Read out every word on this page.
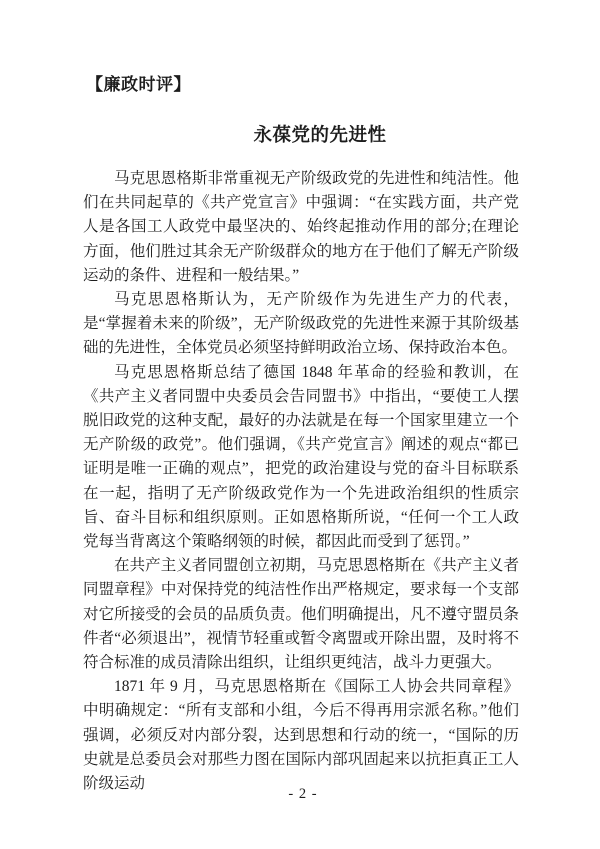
【廉政时评】
永葆党的先进性

马克思恩格斯非常重视无产阶级政党的先进性和纯洁性。他们在共同起草的《共产党宣言》中强调：“在实践方面，共产党人是各国工人政党中最坚决的、始终起推动作用的部分;在理论方面，他们胜过其余无产阶级群众的地方在于他们了解无产阶级运动的条件、进程和一般结果。”

马克思恩格斯认为，无产阶级作为先进生产力的代表，是“掌握着未来的阶级”，无产阶级政党的先进性来源于其阶级基础的先进性，全体党员必须坚持鲜明政治立场、保持政治本色。

马克思恩格斯总结了德国 1848 年革命的经验和教训，在《共产主义者同盟中央委员会告同盟书》中指出，“要使工人摆脱旧政党的这种支配，最好的办法就是在每一个国家里建立一个无产阶级的政党”。他们强调，《共产党宣言》阐述的观点“都已证明是唯一正确的观点”，把党的政治建设与党的奋斗目标联系在一起，指明了无产阶级政党作为一个先进政治组织的性质宗旨、奋斗目标和组织原则。正如恩格斯所说，“任何一个工人政党每当背离这个策略纲领的时候，都因此而受到了惩罚。”

在共产主义者同盟创立初期，马克思恩格斯在《共产主义者同盟章程》中对保持党的纯洁性作出严格规定，要求每一个支部对它所接受的会员的品质负责。他们明确提出，凡不遵守盟员条件者“必须退出”，视情节轻重或暂令离盟或开除出盟，及时将不符合标准的成员清除出组织，让组织更纯洁，战斗力更强大。

1871 年 9 月，马克思恩格斯在《国际工人协会共同章程》中明确规定：“所有支部和小组，今后不得再用宗派名称。”他们强调，必须反对内部分裂，达到思想和行动的统一，“国际的历史就是总委员会对那些力图在国际内部巩固起来以抗拒真正工人阶级运动

- 2 -
